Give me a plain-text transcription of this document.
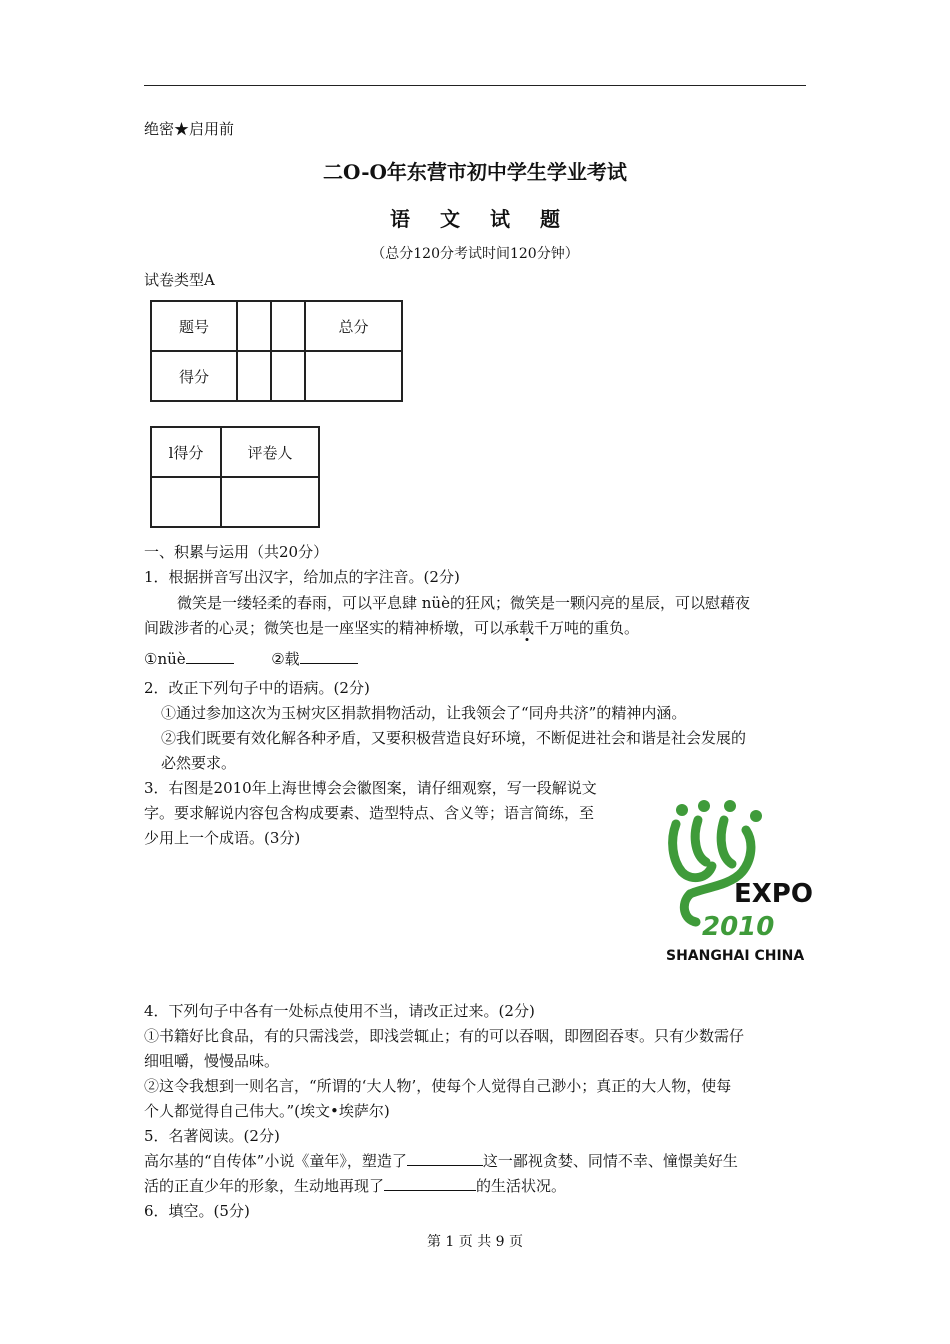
绝密★启用前
二O-O年东营市初中学生学业考试
语文试题
（总分120分考试时间120分钟）
试卷类型A
题号			总分
得分			
l得分	评卷人

一、积累与运用（共20分）
1．根据拼音写出汉字，给加点的字注音。(2分)
微笑是一缕轻柔的春雨，可以平息肆 nüè的狂风；微笑是一颗闪亮的星辰，可以慰藉夜
间跋涉者的心灵；微笑也是一座坚实的精神桥墩，可以承载千万吨的重负。
①nüè	②载
2．改正下列句子中的语病。(2分)
①通过参加这次为玉树灾区捐款捐物活动，让我领会了“同舟共济”的精神内涵。
②我们既要有效化解各种矛盾，又要积极营造良好环境，不断促进社会和谐是社会发展的
必然要求。
3．右图是2010年上海世博会会徽图案，请仔细观察，写一段解说文
字。要求解说内容包含构成要素、造型特点、含义等；语言简练，至
少用上一个成语。(3分)
EXPO
2010
SHANGHAI CHINA
4．下列句子中各有一处标点使用不当，请改正过来。(2分)
①书籍好比食品，有的只需浅尝，即浅尝辄止；有的可以吞咽，即囫囵吞枣。只有少数需仔
细咀嚼，慢慢品味。
②这令我想到一则名言，“所谓的‘大人物’，使每个人觉得自己渺小；真正的大人物，使每
个人都觉得自己伟大。”(埃文•埃萨尔)
5．名著阅读。(2分)
高尔基的“自传体”小说《童年》，塑造了	这一鄙视贪婪、同情不幸、憧憬美好生
活的正直少年的形象，生动地再现了	的生活状况。
6．填空。(5分)
第 1 页 共 9 页
